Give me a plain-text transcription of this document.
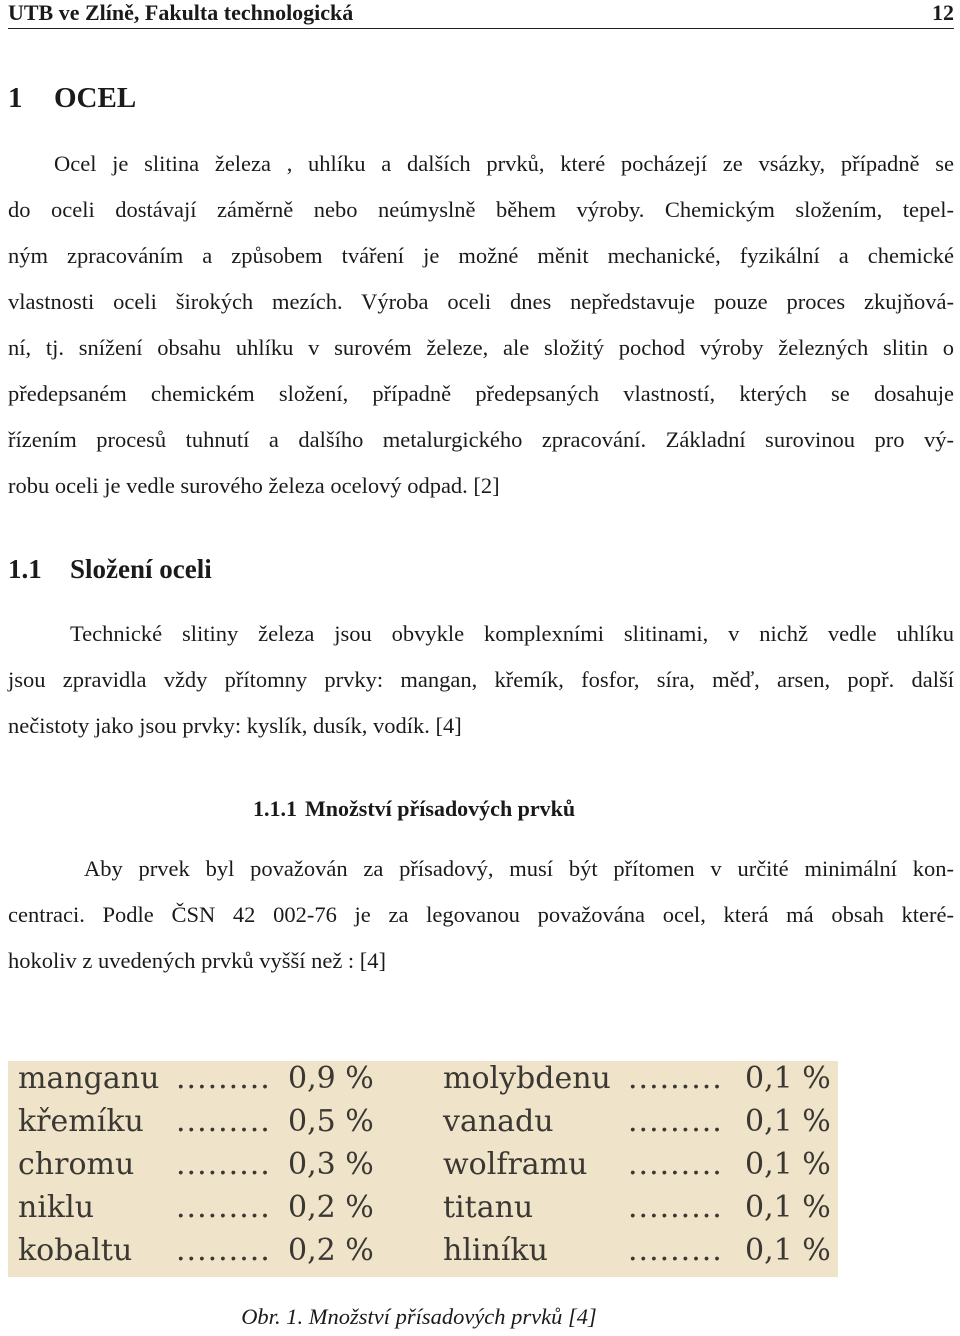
UTB ve Zlíně, Fakulta technologická	12
1 OCEL
Ocel je slitina železa , uhlíku a dalších prvků, které pocházejí ze vsázky, případně se
do oceli dostávají záměrně nebo neúmyslně během výroby. Chemickým složením, tepel-
ným zpracováním a způsobem tváření je možné měnit mechanické, fyzikální a chemické
vlastnosti oceli širokých mezích. Výroba oceli dnes nepředstavuje pouze proces zkujňová-
ní, tj. snížení obsahu uhlíku v surovém železe, ale složitý pochod výroby železných slitin o
předepsaném chemickém složení, případně předepsaných vlastností, kterých se dosahuje
řízením procesů tuhnutí a dalšího metalurgického zpracování. Základní surovinou pro vý-
robu oceli je vedle surového železa ocelový odpad. [2]
1.1 Složení oceli
Technické slitiny železa jsou obvykle komplexními slitinami, v nichž vedle uhlíku
jsou zpravidla vždy přítomny prvky: mangan, křemík, fosfor, síra, měď, arsen, popř. další
nečistoty jako jsou prvky: kyslík, dusík, vodík. [4]
1.1.1 Množství přísadových prvků
Aby prvek byl považován za přísadový, musí být přítomen v určité minimální kon-
centraci. Podle ČSN 42 002-76 je za legovanou považována ocel, která má obsah které-
hokoliv z uvedených prvků vyšší než : [4]
manganu ......... 0,9 % molybdenu ......... 0,1 %
křemíku ......... 0,5 % vanadu ......... 0,1 %
chromu ......... 0,3 % wolframu ......... 0,1 %
niklu	......... 0,2 % titanu	......... 0,1 %
kobaltu ......... 0,2 % hliníku	......... 0,1 %
Obr. 1. Množství přísadových prvků [4]
